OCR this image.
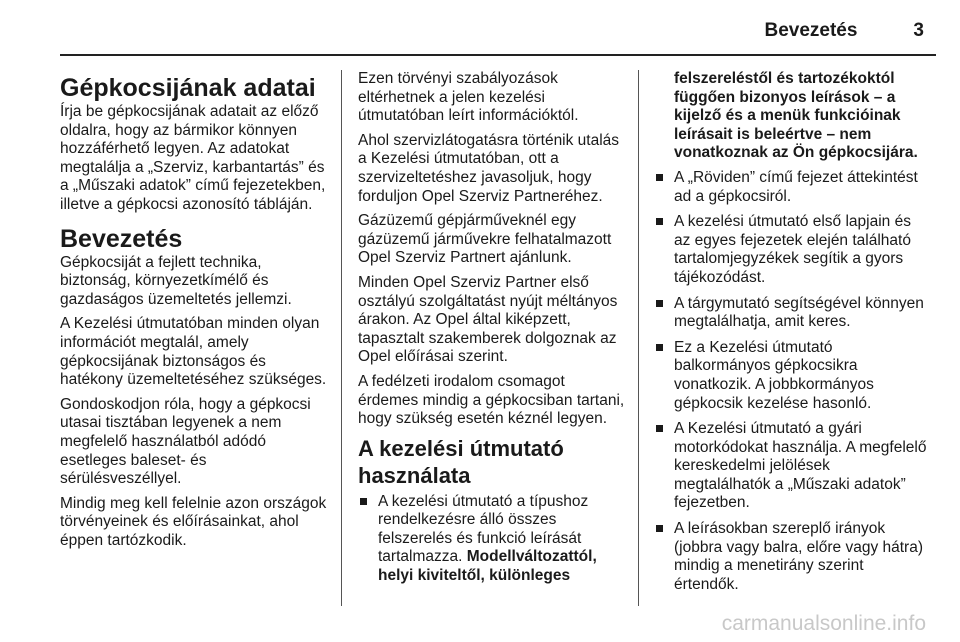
Bevezetés	3
Gépkocsijának adatai

Írja be gépkocsijának adatait az előző oldalra, hogy az bármikor könnyen hozzáférhető legyen. Az adatokat megtalálja a „Szerviz, karbantartás” és a „Műszaki adatok” című fejezetekben, illetve a gépkocsi azonosító tábláján.

Bevezetés

Gépkocsiját a fejlett technika, biztonság, környezetkímélő és gazdaságos üzemeltetés jellemzi.

A Kezelési útmutatóban minden olyan információt megtalál, amely gépkocsijának biztonságos és hatékony üzemeltetéséhez szükséges.

Gondoskodjon róla, hogy a gépkocsi utasai tisztában legyenek a nem megfelelő használatból adódó esetleges baleset- és sérülésveszéllyel.

Mindig meg kell felelnie azon országok törvényeinek és előírásainkat, ahol éppen tartózkodik.

Ezen törvényi szabályozások eltérhetnek a jelen kezelési útmutatóban leírt információktól.

Ahol szervizlátogatásra történik utalás a Kezelési útmutatóban, ott a szervizeltetéshez javasoljuk, hogy forduljon Opel Szerviz Partneréhez.

Gázüzemű gépjárműveknél egy gázüzemű járművekre felhatalmazott Opel Szerviz Partnert ajánlunk.

Minden Opel Szerviz Partner első osztályú szolgáltatást nyújt méltányos árakon. Az Opel által kiképzett, tapasztalt szakemberek dolgoznak az Opel előírásai szerint.

A fedélzeti irodalom csomagot érdemes mindig a gépkocsiban tartani, hogy szükség esetén kéznél legyen.

A kezelési útmutató használata
A kezelési útmutató a típushoz rendelkezésre álló összes felszerelés és funkció leírását tartalmazza. Modellváltozattól, helyi kiviteltől, különleges

felszereléstől és tartozékoktól függően bizonyos leírások – a kijelző és a menük funkcióinak leírásait is beleértve – nem vonatkoznak az Ön gépkocsijára.

A „Röviden” című fejezet áttekintést ad a gépkocsiról.
A kezelési útmutató első lapjain és az egyes fejezetek elején található tartalomjegyzékek segítik a gyors tájékozódást.
A tárgymutató segítségével könnyen megtalálhatja, amit keres.
Ez a Kezelési útmutató balkormányos gépkocsikra vonatkozik. A jobbkormányos gépkocsik kezelése hasonló.
A Kezelési útmutató a gyári motorkódokat használja. A megfelelő kereskedelmi jelölések megtalálhatók a „Műszaki adatok” fejezetben.
A leírásokban szereplő irányok (jobbra vagy balra, előre vagy hátra) mindig a menetirány szerint értendők.
carmanualsonline.info
